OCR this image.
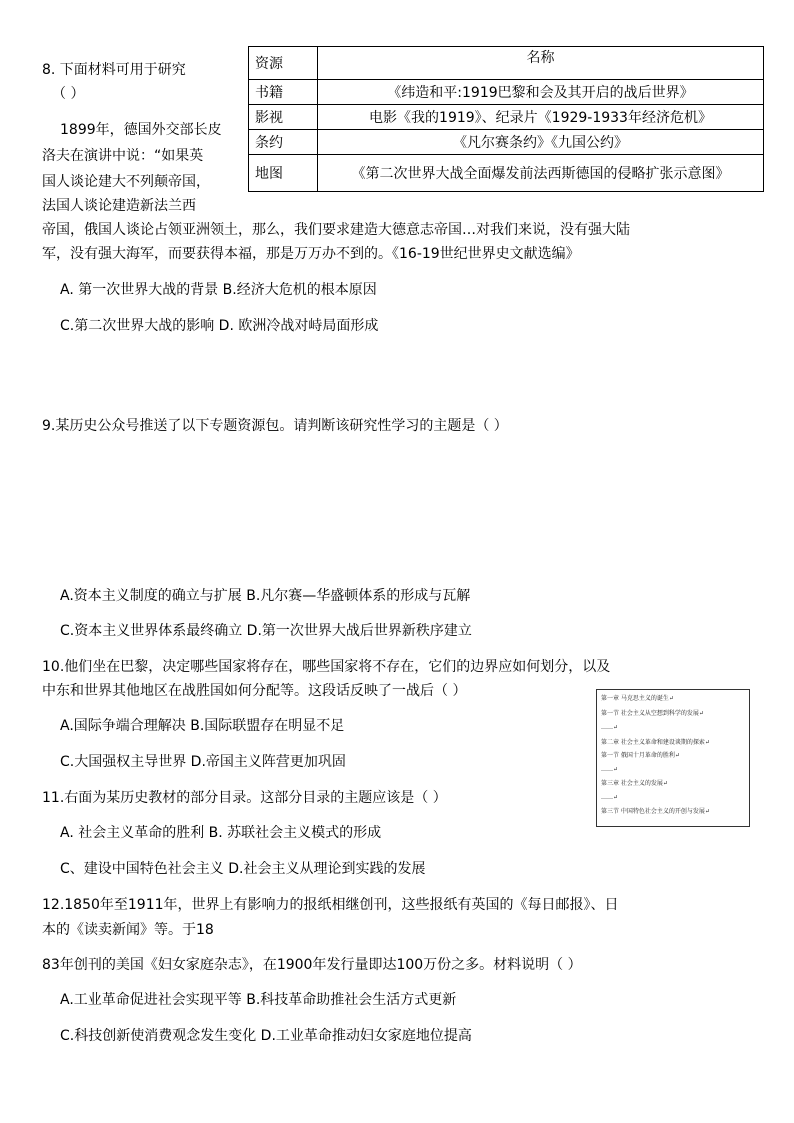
8. 下面材料可用于研究
（ ）
资源	名称
书籍	《纬造和平:1919巴黎和会及其开启的战后世界》
影视	电影《我的1919》、纪录片《1929-1933年经济危机》
条约	《凡尔赛条约》《九国公约》
地图	《第二次世界大战全面爆发前法西斯德国的侵略扩张示意图》
1899年，德国外交部长皮
洛夫在演讲中说：“如果英
国人谈论建大不列颠帝国，
法国人谈论建造新法兰西
帝国，俄国人谈论占领亚洲领土，那么，我们要求建造大德意志帝国…对我们来说，没有强大陆
军，没有强大海军，而要获得本福，那是万万办不到的。《16-19世纪世界史文献选编》
A. 第一次世界大战的背景 B.经济大危机的根本原因
C.第二次世界大战的影响 D. 欧洲冷战对峙局面形成
9.某历史公众号推送了以下专题资源包。请判断该研究性学习的主题是（ ）
A.资本主义制度的确立与扩展 B.凡尔赛—华盛顿体系的形成与瓦解
C.资本主义世界体系最终确立 D.第一次世界大战后世界新秩序建立
10.他们坐在巴黎，决定哪些国家将存在，哪些国家将不存在，它们的边界应如何划分，以及
中东和世界其他地区在战胜国如何分配等。这段话反映了一战后（ ）
A.国际争端合理解决 B.国际联盟存在明显不足
C.大国强权主导世界 D.帝国主义阵营更加巩固
第一章 马克思主义的诞生↵
第一节 社会主义从空想到科学的发展↵
……↵
第二章 社会主义革命和建设谈期的探索↵
第一节 俄国十月革命的胜利↵
……↵
第三章 社会主义的发展↵
……↵
第三节 中国特色社会主义的开创与发展↵
11.右面为某历史教材的部分目录。这部分目录的主题应该是（ ）
A. 社会主义革命的胜利 B. 苏联社会主义模式的形成
C、建设中国特色社会主义 D.社会主义从理论到实践的发展
12.1850年至1911年，世界上有影响力的报纸相继创刊，这些报纸有英国的《每日邮报》、日
本的《读卖新闻》等。于18
83年创刊的美国《妇女家庭杂志》，在1900年发行量即达100万份之多。材料说明（ ）
A.工业革命促进社会实现平等 B.科技革命助推社会生活方式更新
C.科技创新使消费观念发生变化 D.工业革命推动妇女家庭地位提高
